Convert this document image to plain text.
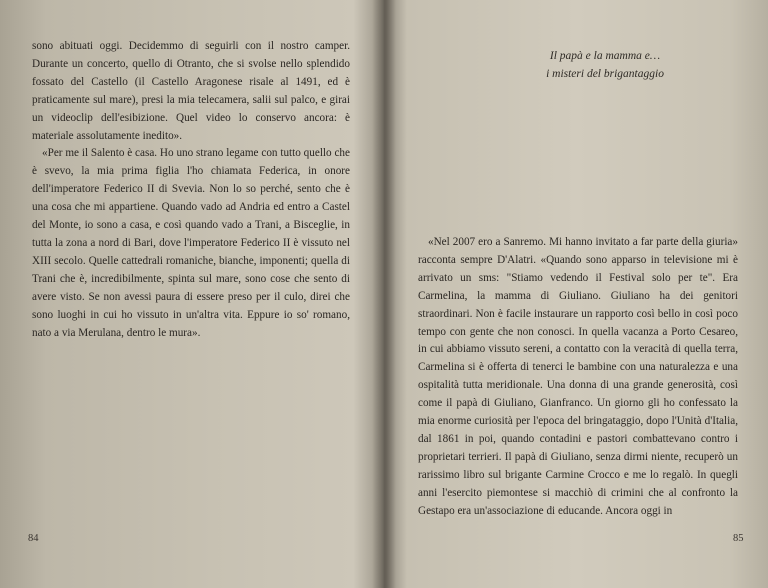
sono abituati oggi. Decidemmo di seguirli con il nostro camper. Durante un concerto, quello di Otranto, che si svolse nello splendido fossato del Castello (il Castello Aragonese risale al 1491, ed è praticamente sul mare), presi la mia telecamera, salii sul palco, e girai un videoclip dell'esibizione. Quel video lo conservo ancora: è materiale assolutamente inedito».

«Per me il Salento è casa. Ho uno strano legame con tutto quello che è svevo, la mia prima figlia l'ho chiamata Federica, in onore dell'imperatore Federico II di Svevia. Non lo so perché, sento che è una cosa che mi appartiene. Quando vado ad Andria ed entro a Castel del Monte, io sono a casa, e così quando vado a Trani, a Bisceglie, in tutta la zona a nord di Bari, dove l'imperatore Federico II è vissuto nel XIII secolo. Quelle cattedrali romaniche, bianche, imponenti; quella di Trani che è, incredibilmente, spinta sul mare, sono cose che sento di avere visto. Se non avessi paura di essere preso per il culo, direi che sono luoghi in cui ho vissuto in un'altra vita. Eppure io so' romano, nato a via Merulana, dentro le mura».

84
Il papà e la mamma e…
i misteri del brigantaggio

«Nel 2007 ero a Sanremo. Mi hanno invitato a far parte della giuria» racconta sempre D'Alatri. «Quando sono apparso in televisione mi è arrivato un sms: "Stiamo vedendo il Festival solo per te". Era Carmelina, la mamma di Giuliano. Giuliano ha dei genitori straordinari. Non è facile instaurare un rapporto così bello in così poco tempo con gente che non conosci. In quella vacanza a Porto Cesareo, in cui abbiamo vissuto sereni, a contatto con la veracità di quella terra, Carmelina si è offerta di tenerci le bambine con una naturalezza e una ospitalità tutta meridionale. Una donna di una grande generosità, così come il papà di Giuliano, Gianfranco. Un giorno gli ho confessato la mia enorme curiosità per l'epoca del bringataggio, dopo l'Unità d'Italia, dal 1861 in poi, quando contadini e pastori combattevano contro i proprietari terrieri. Il papà di Giuliano, senza dirmi niente, recuperò un rarissimo libro sul brigante Carmine Crocco e me lo regalò. In quegli anni l'esercito piemontese si macchiò di crimini che al confronto la Gestapo era un'associazione di educande. Ancora oggi in

85
